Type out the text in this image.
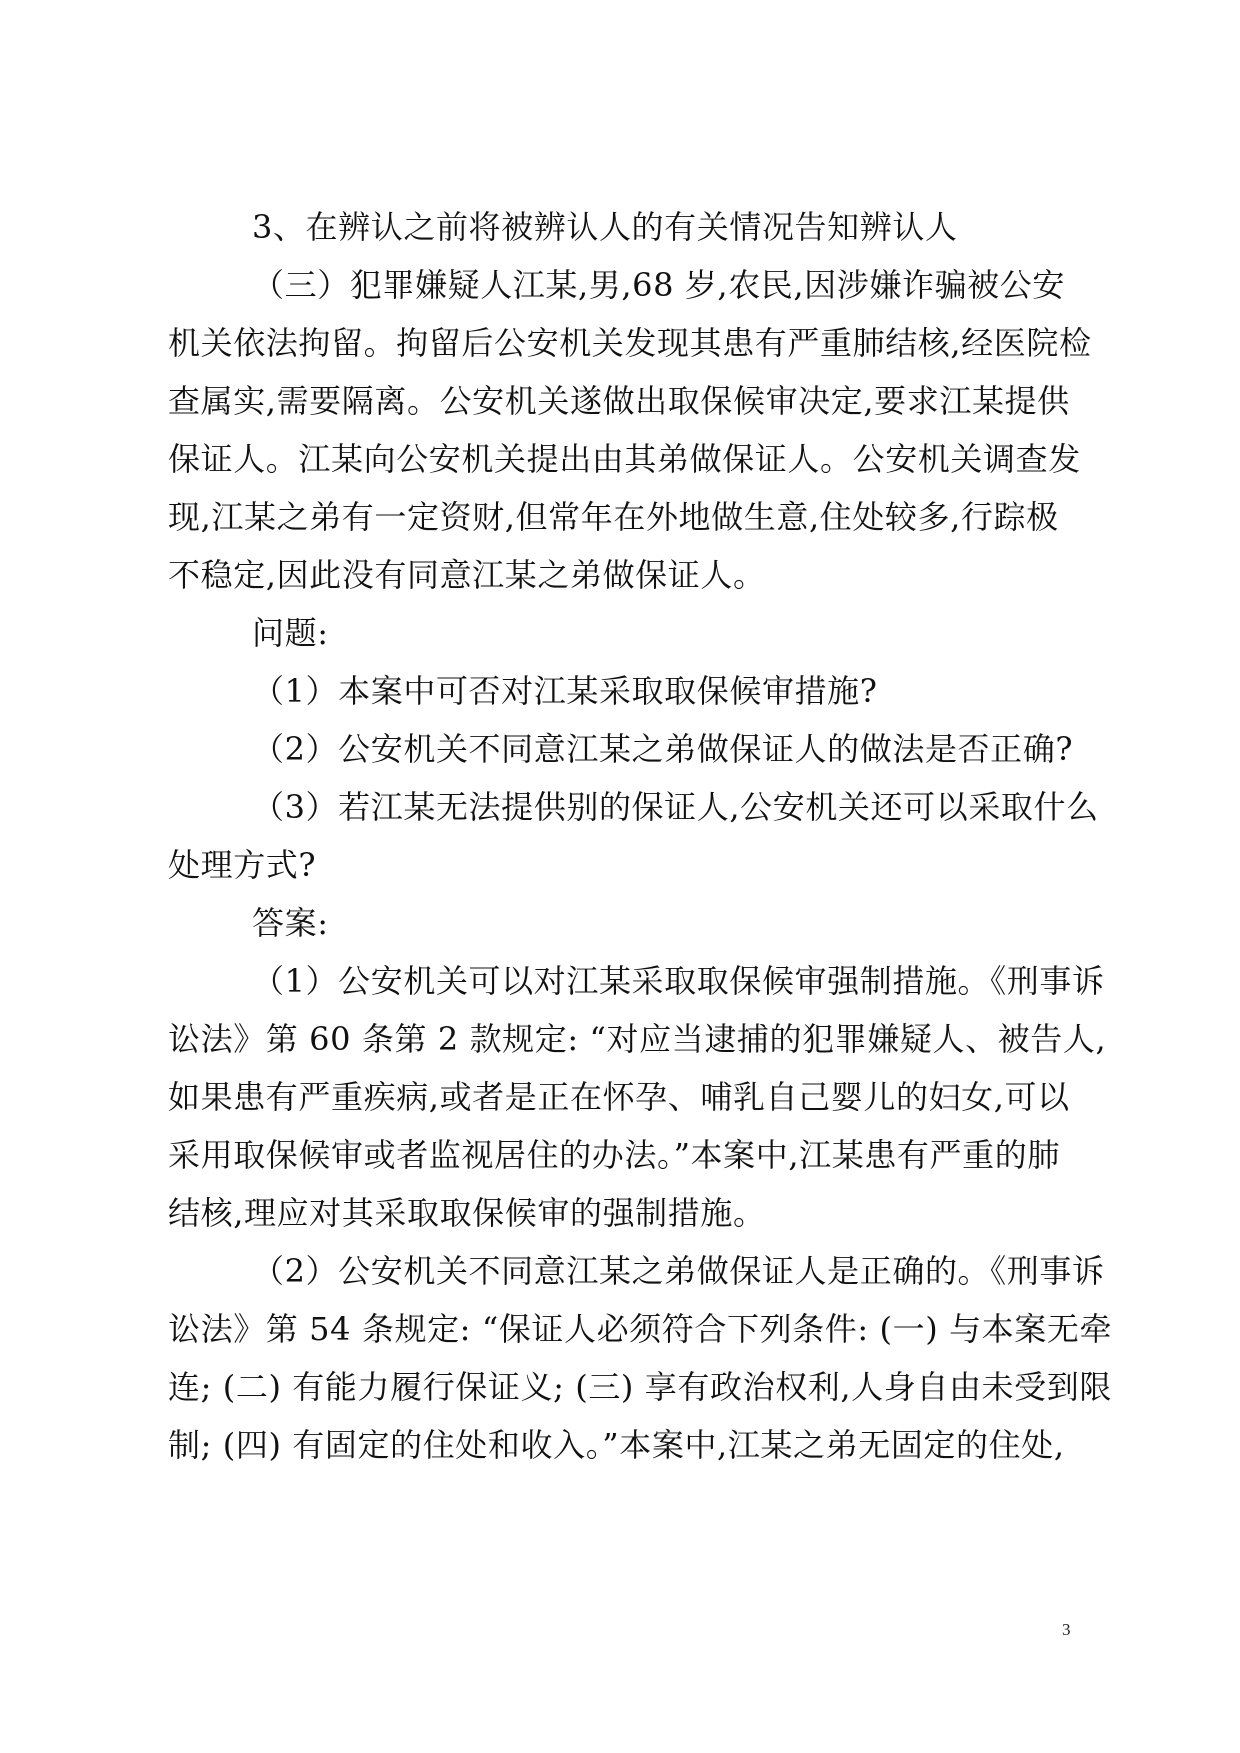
3、在辨认之前将被辨认人的有关情况告知辨认人
（三）犯罪嫌疑人江某,男,68 岁,农民,因涉嫌诈骗被公安
机关依法拘留。拘留后公安机关发现其患有严重肺结核,经医院检
查属实,需要隔离。公安机关遂做出取保候审决定,要求江某提供
保证人。江某向公安机关提出由其弟做保证人。公安机关调查发
现,江某之弟有一定资财,但常年在外地做生意,住处较多,行踪极
不稳定,因此没有同意江某之弟做保证人。
问题:
（1）本案中可否对江某采取取保候审措施?
（2）公安机关不同意江某之弟做保证人的做法是否正确?
（3）若江某无法提供别的保证人,公安机关还可以采取什么
处理方式?
答案:
（1）公安机关可以对江某采取取保候审强制措施。《刑事诉
讼法》第 60 条第 2 款规定: “对应当逮捕的犯罪嫌疑人、被告人,
如果患有严重疾病,或者是正在怀孕、哺乳自己婴儿的妇女,可以
采用取保候审或者监视居住的办法。”本案中,江某患有严重的肺
结核,理应对其采取取保候审的强制措施。
（2）公安机关不同意江某之弟做保证人是正确的。《刑事诉
讼法》第 54 条规定: “保证人必须符合下列条件: (一) 与本案无牵
连; (二) 有能力履行保证义; (三) 享有政治权利,人身自由未受到限
制; (四) 有固定的住处和收入。”本案中,江某之弟无固定的住处,
3
